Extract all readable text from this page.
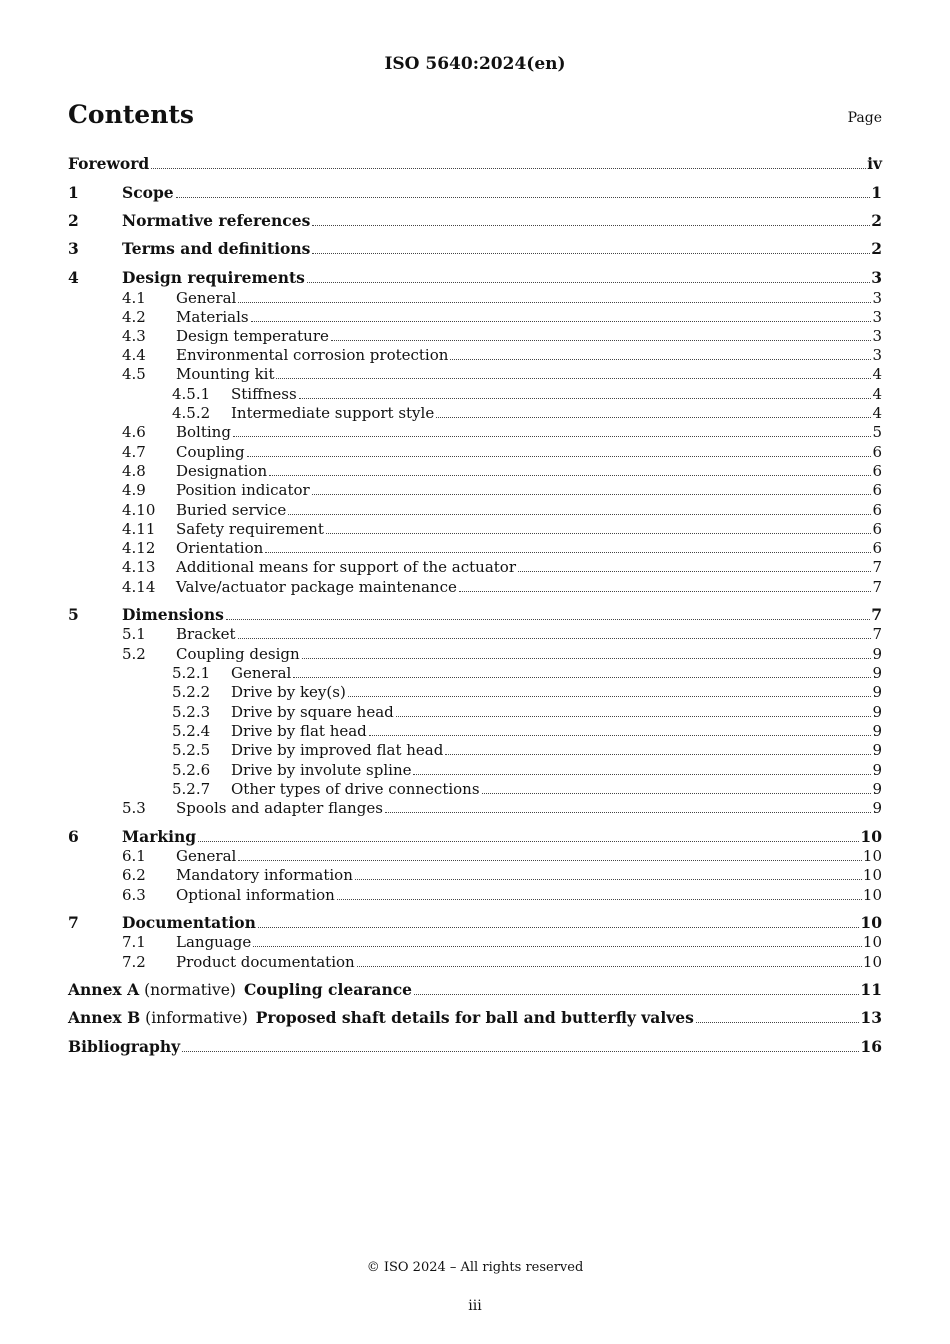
ISO 5640:2024(en)
Contents	Page
Foreword	iv
1	Scope	1
2	Normative references	2
3	Terms and definitions	2
4	Design requirements	3
4.1	General	3
4.2	Materials	3
4.3	Design temperature	3
4.4	Environmental corrosion protection	3
4.5	Mounting kit	4
4.5.1	Stiffness	4
4.5.2	Intermediate support style	4
4.6	Bolting	5
4.7	Coupling	6
4.8	Designation	6
4.9	Position indicator	6
4.10	Buried service	6
4.11	Safety requirement	6
4.12	Orientation	6
4.13	Additional means for support of the actuator	7
4.14	Valve/actuator package maintenance	7
5	Dimensions	7
5.1	Bracket	7
5.2	Coupling design	9
5.2.1	General	9
5.2.2	Drive by key(s)	9
5.2.3	Drive by square head	9
5.2.4	Drive by flat head	9
5.2.5	Drive by improved flat head	9
5.2.6	Drive by involute spline	9
5.2.7	Other types of drive connections	9
5.3	Spools and adapter flanges	9
6	Marking	10
6.1	General	10
6.2	Mandatory information	10
6.3	Optional information	10
7	Documentation	10
7.1	Language	10
7.2	Product documentation	10
Annex A (normative) Coupling clearance	11
Annex B (informative) Proposed shaft details for ball and butterfly valves	13
Bibliography	16
© ISO 2024 – All rights reserved
iii
